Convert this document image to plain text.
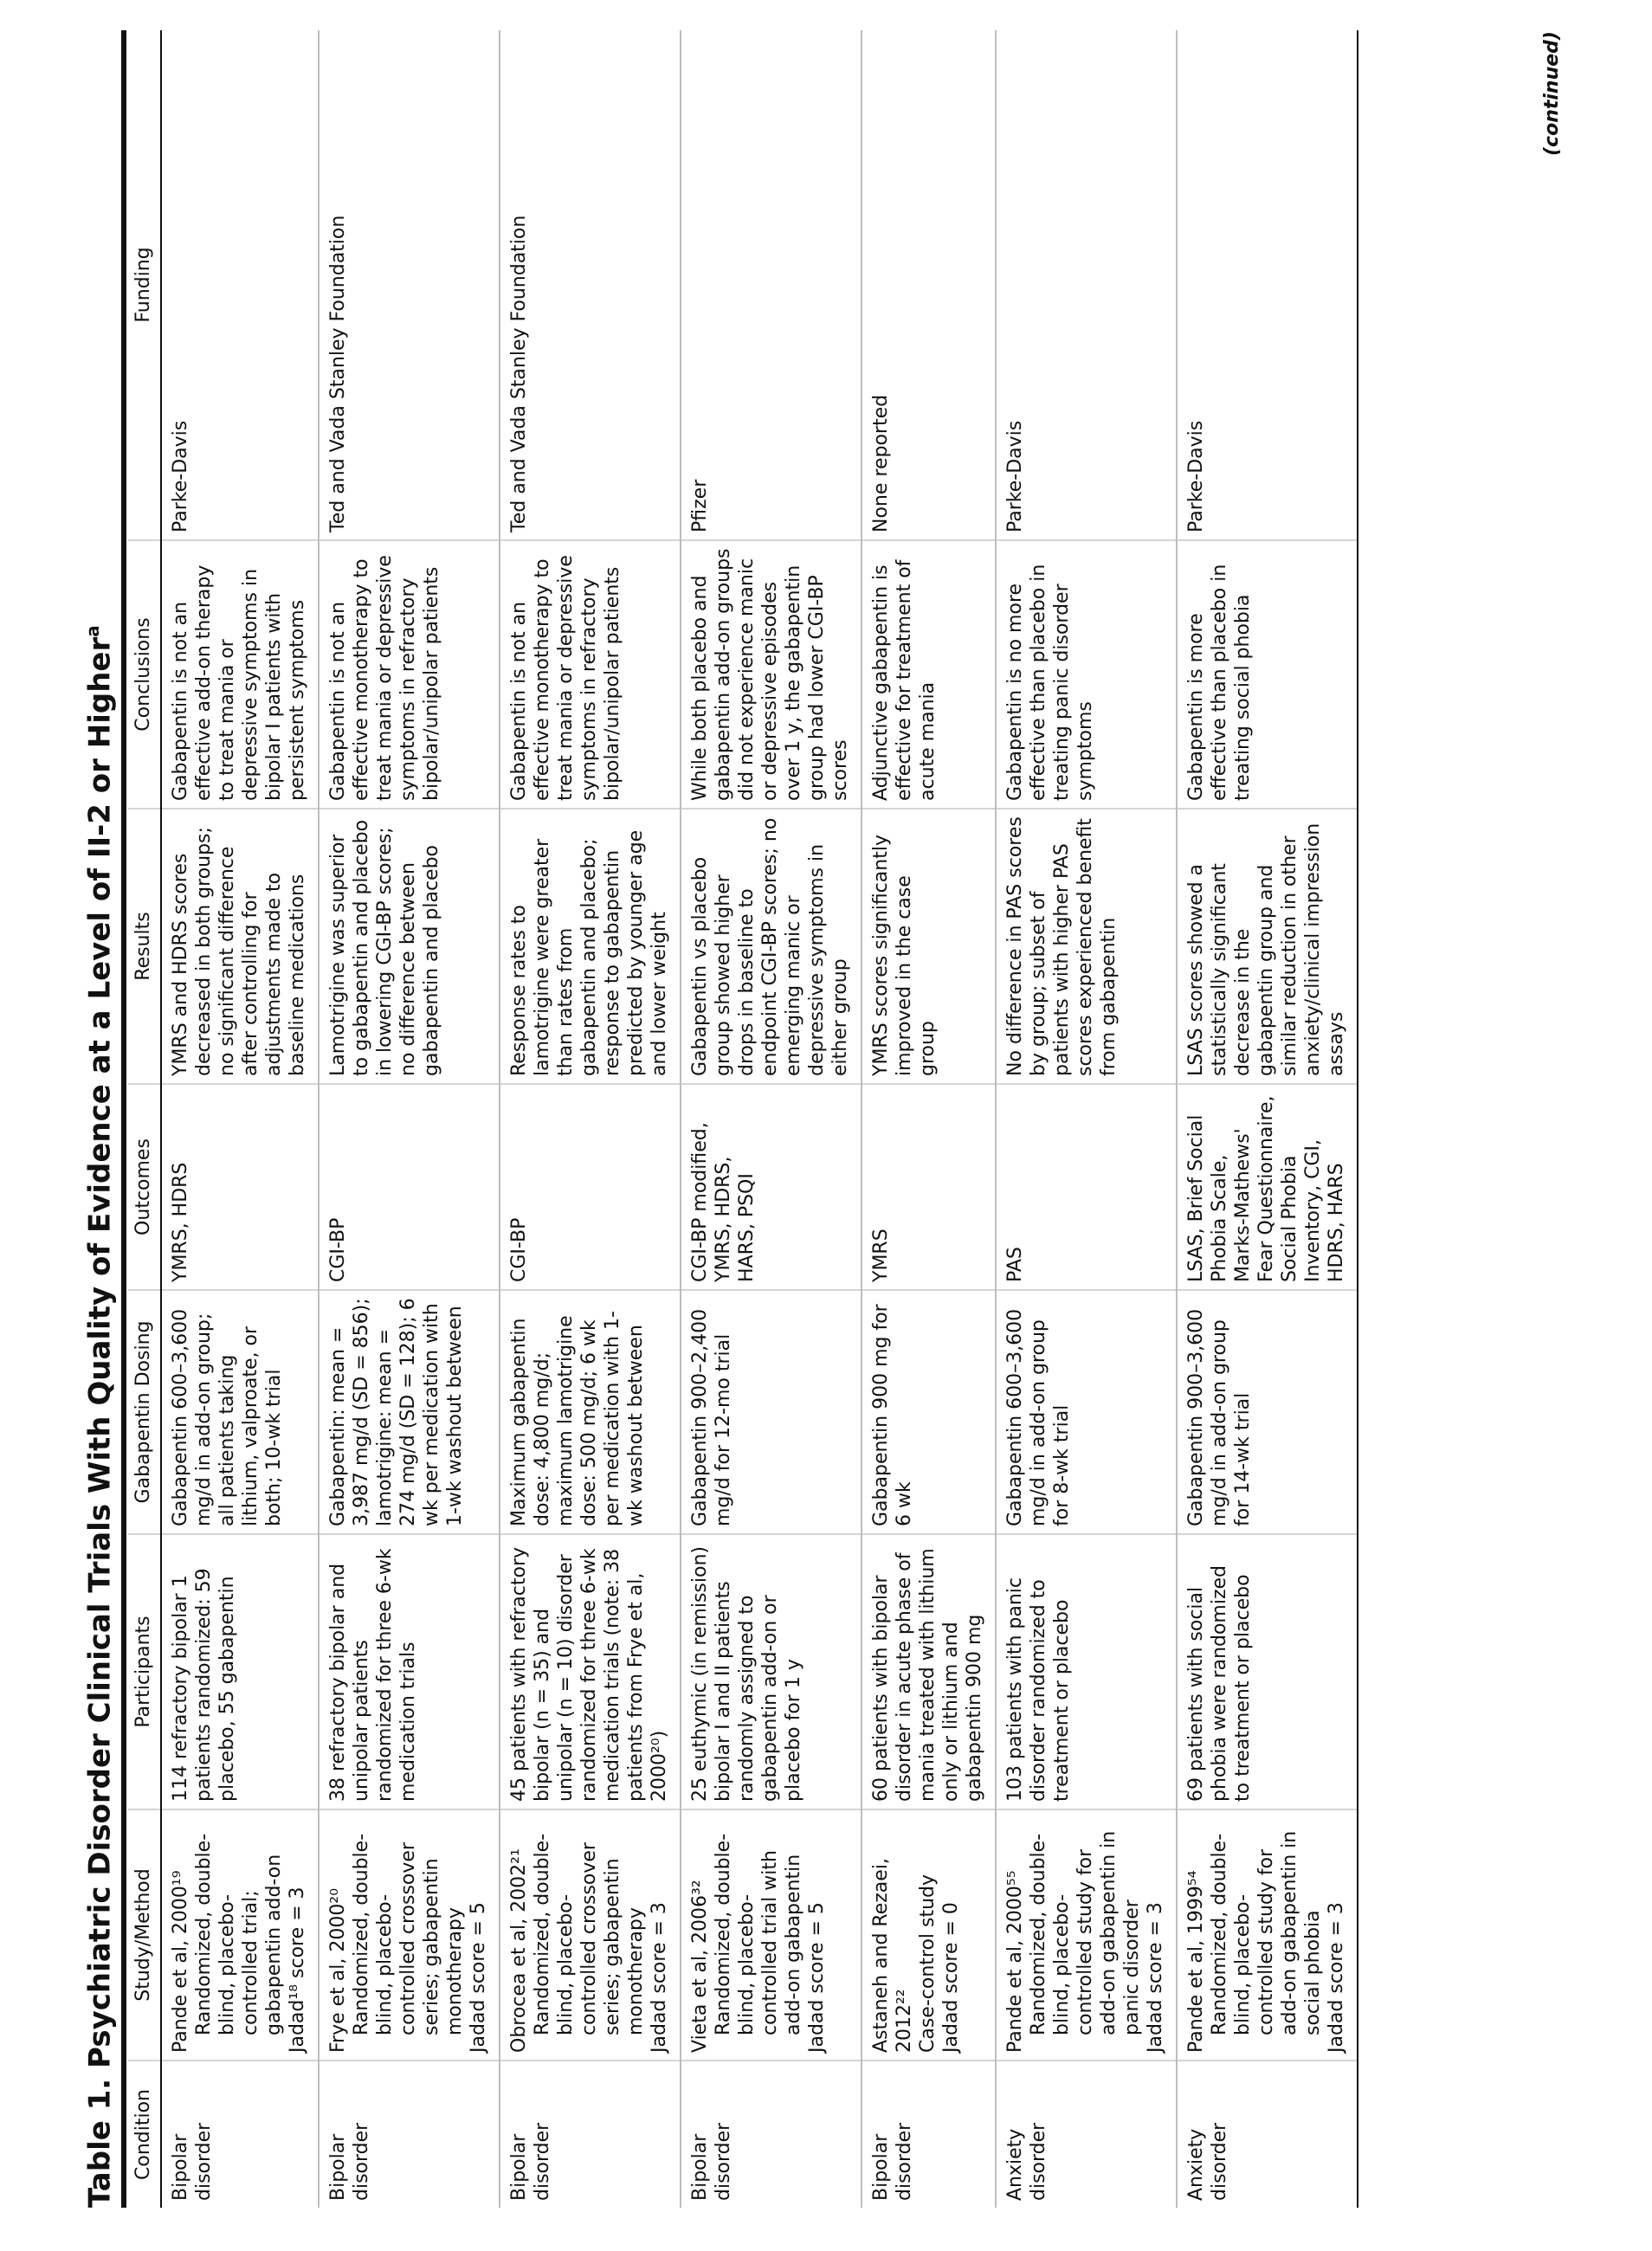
Table 1. Psychiatric Disorder Clinical Trials With Quality of Evidence at a Level of II-2 or Higher$^a$
Condition	Study/Method	Participants	Gabapentin Dosing	Outcomes	Results	Conclusions	Funding
Bipolar disorder	Pande et al, 2000¹⁹ Randomized, double-blind, placebo-controlled trial; gabapentin add-on Jadad¹⁸ score = 3	114 refractory bipolar 1 patients randomized: 59 placebo, 55 gabapentin	Gabapentin 600–3,600 mg/d in add-on group; all patients taking lithium, valproate, or both; 10-wk trial	YMRS, HDRS	YMRS and HDRS scores decreased in both groups; no significant difference after controlling for adjustments made to baseline medications	Gabapentin is not an effective add-on therapy to treat mania or depressive symptoms in bipolar I patients with persistent symptoms	Parke-Davis
Bipolar disorder	Frye et al, 2000²⁰ Randomized, double-blind, placebo-controlled crossover series; gabapentin monotherapy Jadad score = 5	38 refractory bipolar and unipolar patients randomized for three 6-wk medication trials	Gabapentin: mean = 3,987 mg/d (SD = 856); lamotrigine: mean = 274 mg/d (SD = 128); 6 wk per medication with 1-wk washout between	CGI-BP	Lamotrigine was superior to gabapentin and placebo in lowering CGI-BP scores; no difference between gabapentin and placebo	Gabapentin is not an effective monotherapy to treat mania or depressive symptoms in refractory bipolar/unipolar patients	Ted and Vada Stanley Foundation
Bipolar disorder	Obrocea et al, 2002²¹ Randomized, double-blind, placebo-controlled crossover series; gabapentin monotherapy Jadad score = 3	45 patients with refractory bipolar (n = 35) and unipolar (n = 10) disorder randomized for three 6-wk medication trials (note: 38 patients from Frye et al, 2000²⁰)	Maximum gabapentin dose: 4,800 mg/d; maximum lamotrigine dose: 500 mg/d; 6 wk per medication with 1-wk washout between	CGI-BP	Response rates to lamotrigine were greater than rates from gabapentin and placebo; response to gabapentin predicted by younger age and lower weight	Gabapentin is not an effective monotherapy to treat mania or depressive symptoms in refractory bipolar/unipolar patients	Ted and Vada Stanley Foundation
Bipolar disorder	Vieta et al, 2006³² Randomized, double-blind, placebo-controlled trial with add-on gabapentin Jadad score = 5	25 euthymic (in remission) bipolar I and II patients randomly assigned to gabapentin add-on or placebo for 1 y	Gabapentin 900–2,400 mg/d for 12-mo trial	CGI-BP modified, YMRS, HDRS, HARS, PSQI	Gabapentin vs placebo group showed higher drops in baseline to endpoint CGI-BP scores; no emerging manic or depressive symptoms in either group	While both placebo and gabapentin add-on groups did not experience manic or depressive episodes over 1 y, the gabapentin group had lower CGI-BP scores	Pfizer
Bipolar disorder	Astaneh and Rezaei, 2012²² Case-control study Jadad score = 0	60 patients with bipolar disorder in acute phase of mania treated with lithium only or lithium and gabapentin 900 mg	Gabapentin 900 mg for 6 wk	YMRS	YMRS scores significantly improved in the case group	Adjunctive gabapentin is effective for treatment of acute mania	None reported
Anxiety disorder	Pande et al, 2000⁵⁵ Randomized, double-blind, placebo-controlled study for add-on gabapentin in panic disorder Jadad score = 3	103 patients with panic disorder randomized to treatment or placebo	Gabapentin 600–3,600 mg/d in add-on group for 8-wk trial	PAS	No difference in PAS scores by group; subset of patients with higher PAS scores experienced benefit from gabapentin	Gabapentin is no more effective than placebo in treating panic disorder symptoms	Parke-Davis
Anxiety disorder	Pande et al, 1999⁵⁴ Randomized, double-blind, placebo-controlled study for add-on gabapentin in social phobia Jadad score = 3	69 patients with social phobia were randomized to treatment or placebo	Gabapentin 900–3,600 mg/d in add-on group for 14-wk trial	LSAS, Brief Social Phobia Scale, Marks-Mathews' Fear Questionnaire, Social Phobia Inventory, CGI, HDRS, HARS	LSAS scores showed a statistically significant decrease in the gabapentin group and similar reduction in other anxiety/clinical impression assays	Gabapentin is more effective than placebo in treating social phobia	Parke-Davis
(continued)
